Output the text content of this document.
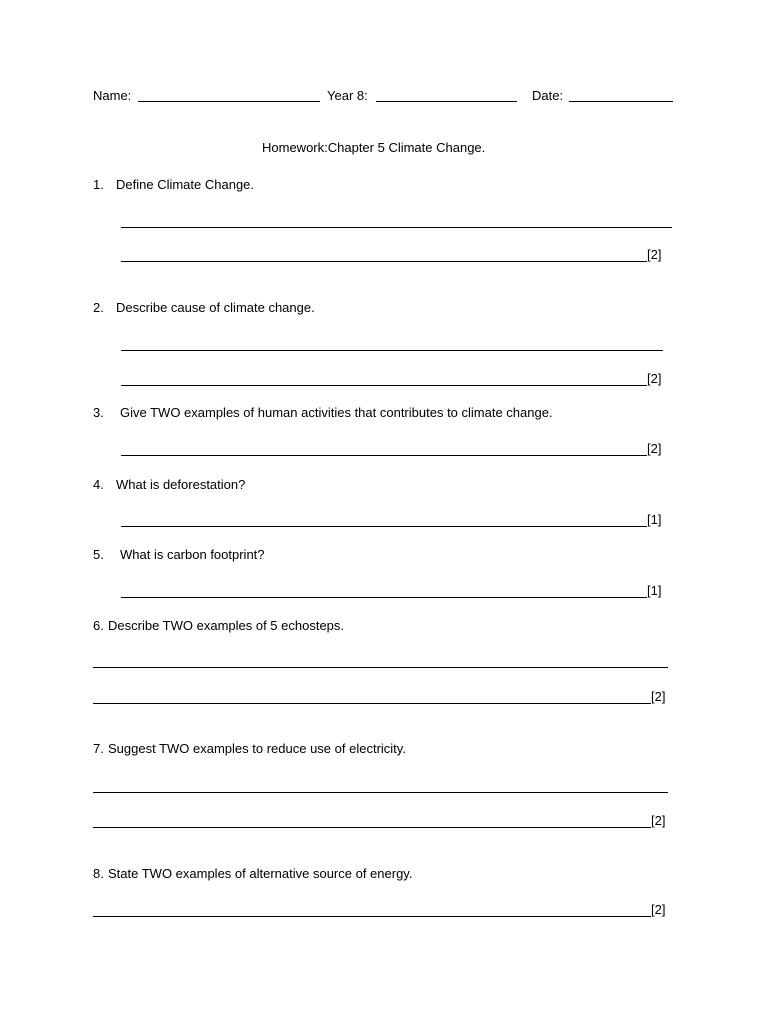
Name:	Year 8:	Date:
Homework:Chapter 5 Climate Change.
1. Define Climate Change.
[2]
2. Describe cause of climate change.
[2]
3. Give TWO examples of human activities that contributes to climate change.
[2]
4. What is deforestation?
[1]
5. What is carbon footprint?
[1]
6. Describe TWO examples of 5 echosteps.
[2]
7. Suggest TWO examples to reduce use of electricity.
[2]
8. State TWO examples of alternative source of energy.
[2]
